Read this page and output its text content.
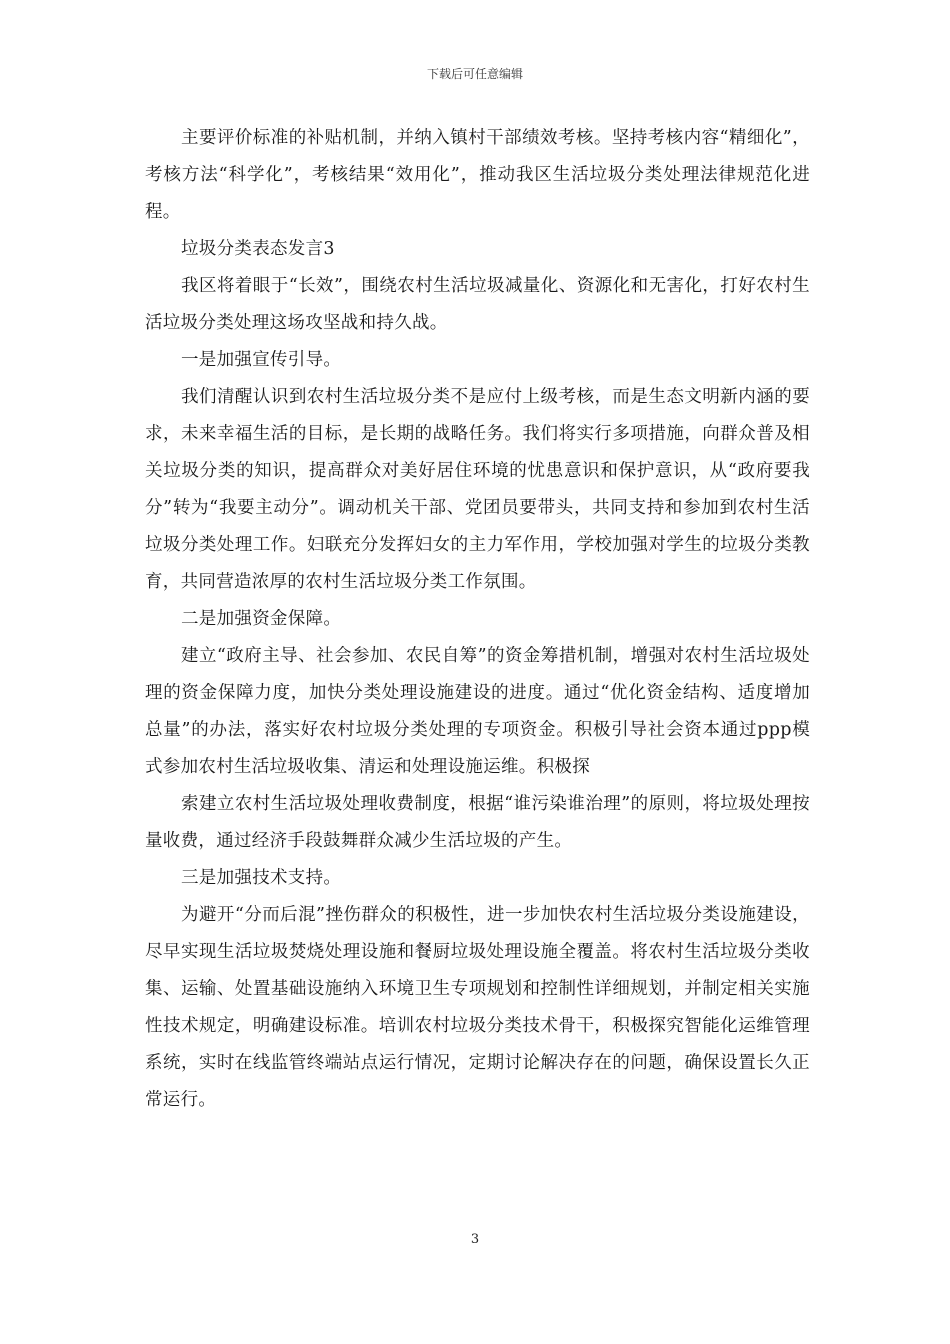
下载后可任意编辑

主要评价标准的补贴机制，并纳入镇村干部绩效考核。坚持考核内容“精细化”，考核方法“科学化”，考核结果“效用化”，推动我区生活垃圾分类处理法律规范化进程。

垃圾分类表态发言3

我区将着眼于“长效”，围绕农村生活垃圾减量化、资源化和无害化，打好农村生活垃圾分类处理这场攻坚战和持久战。

一是加强宣传引导。

我们清醒认识到农村生活垃圾分类不是应付上级考核，而是生态文明新内涵的要求，未来幸福生活的目标，是长期的战略任务。我们将实行多项措施，向群众普及相关垃圾分类的知识，提高群众对美好居住环境的忧患意识和保护意识，从“政府要我分”转为“我要主动分”。调动机关干部、党团员要带头，共同支持和参加到农村生活垃圾分类处理工作。妇联充分发挥妇女的主力军作用，学校加强对学生的垃圾分类教育，共同营造浓厚的农村生活垃圾分类工作氛围。

二是加强资金保障。

建立“政府主导、社会参加、农民自筹”的资金筹措机制，增强对农村生活垃圾处理的资金保障力度，加快分类处理设施建设的进度。通过“优化资金结构、适度增加总量”的办法，落实好农村垃圾分类处理的专项资金。积极引导社会资本通过ppp模式参加农村生活垃圾收集、清运和处理设施运维。积极探

索建立农村生活垃圾处理收费制度，根据“谁污染谁治理”的原则，将垃圾处理按量收费，通过经济手段鼓舞群众减少生活垃圾的产生。

三是加强技术支持。

为避开“分而后混”挫伤群众的积极性，进一步加快农村生活垃圾分类设施建设，尽早实现生活垃圾焚烧处理设施和餐厨垃圾处理设施全覆盖。将农村生活垃圾分类收集、运输、处置基础设施纳入环境卫生专项规划和控制性详细规划，并制定相关实施性技术规定，明确建设标准。培训农村垃圾分类技术骨干，积极探究智能化运维管理系统，实时在线监管终端站点运行情况，定期讨论解决存在的问题，确保设置长久正常运行。

3
